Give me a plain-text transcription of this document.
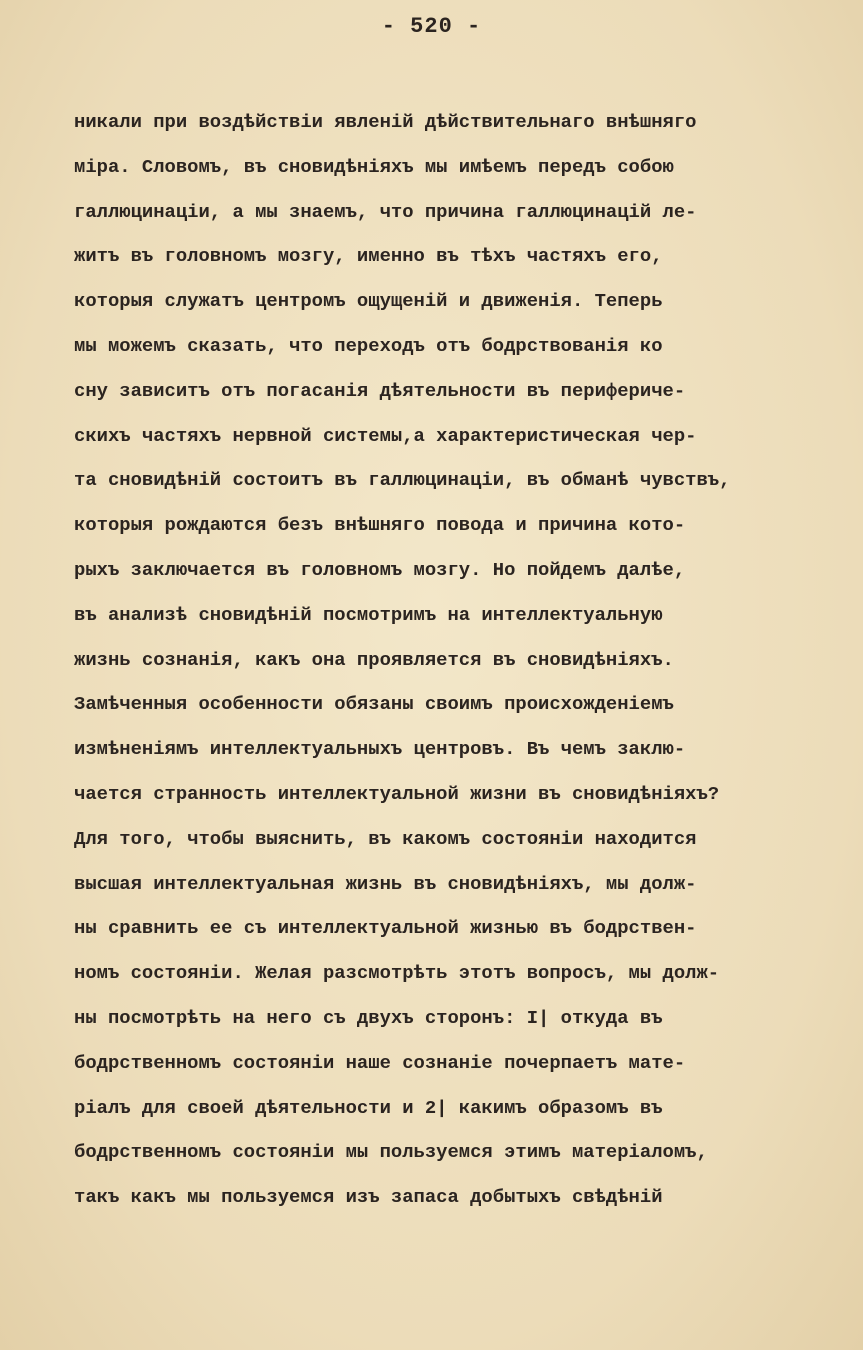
- 520 -
никали при воздѣйствіи явленій дѣйствительнаго внѣшняго
міра. Словомъ, въ сновидѣніяхъ мы имѣемъ передъ собою
галлюцинаціи, а мы знаемъ, что причина галлюцинацій ле-
житъ въ головномъ мозгу, именно въ тѣхъ частяхъ его,
которыя служатъ центромъ ощущеній и движенія. Теперь
мы можемъ сказать, что переходъ отъ бодрствованія ко
сну зависитъ отъ погасанія дѣятельности въ перифериче-
скихъ частяхъ нервной системы,а характеристическая чер-
та сновидѣній состоитъ въ галлюцинаціи, въ обманѣ чувствъ,
которыя рождаются безъ внѣшняго повода и причина кото-
рыхъ заключается въ головномъ мозгу. Но пойдемъ далѣе,
въ анализѣ сновидѣній посмотримъ на интеллектуальную
жизнь сознанія, какъ она проявляется въ сновидѣніяхъ.
Замѣченныя особенности обязаны своимъ происхожденіемъ
измѣненіямъ интеллектуальныхъ центровъ. Въ чемъ заклю-
чается странность интеллектуальной жизни въ сновидѣніяхъ?
Для того, чтобы выяснить, въ какомъ состояніи находится
высшая интеллектуальная жизнь въ сновидѣніяхъ, мы долж-
ны сравнить ее съ интеллектуальной жизнью въ бодрствен-
номъ состояніи. Желая разсмотрѣть этотъ вопросъ, мы долж-
ны посмотрѣть на него съ двухъ сторонъ: I| откуда въ
бодрственномъ состояніи наше сознаніе почерпаетъ мате-
ріалъ для своей дѣятельности и 2| какимъ образомъ въ
бодрственномъ состояніи мы пользуемся этимъ матеріаломъ,
такъ какъ мы пользуемся изъ запаса добытыхъ свѣдѣній
